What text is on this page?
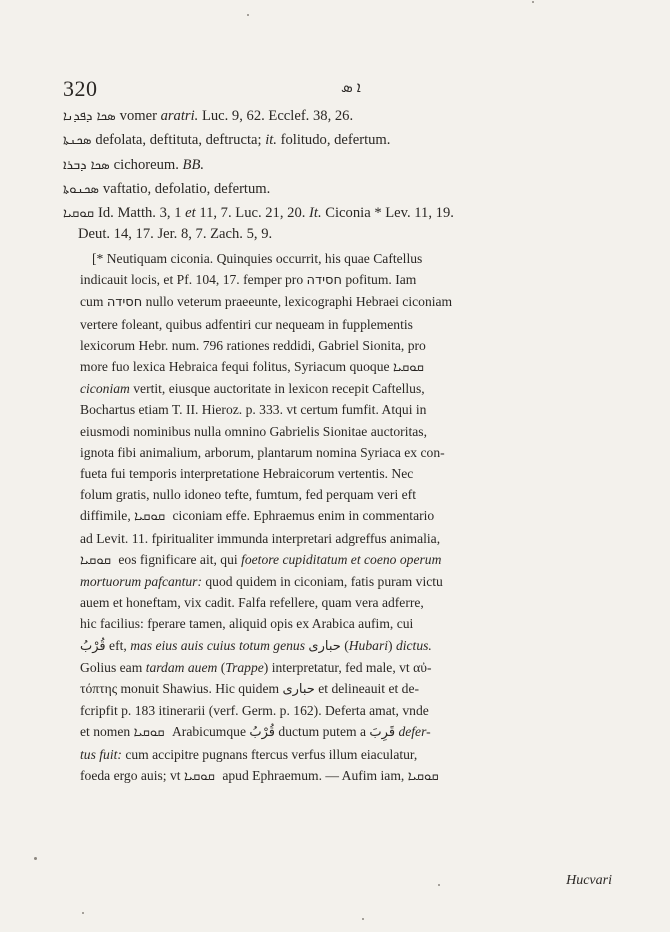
320	ܐ ܣ
ܣܟܐ ܕܦܕܢܐ vomer aratri. Luc. 9, 62. Ecclef. 38, 26.
ܣܟܢܬܐ defolata, deftituta, deftructa; it. folitudo, defertum.
ܣܟܐ ܕܒܪܐ cichoreum. BB.
ܣܟܢܘܬܐ vaftatio, defolatio, defertum.
ܩܘܩܝܐ Id. Matth. 3, 1 et 11, 7. Luc. 21, 20. It. Ciconia * Lev. 11, 19.
Deut. 14, 17. Jer. 8, 7. Zach. 5, 9.
[* Neutiquam ciconia. Quinquies occurrit, his quae Caftellus
indicauit locis, et Pf. 104, 17. femper pro חסידה pofitum. Iam
cum חסידה nullo veterum praeeunte, lexicographi Hebraei ciconiam
vertere foleant, quibus adfentiri cur nequeam in fupplementis
lexicorum Hebr. num. 796 rationes reddidi, Gabriel Sionita, pro
more fuo lexica Hebraica fequi folitus, Syriacum quoque ܩܘܩܝܐ
ciconiam vertit, eiusque auctoritate in lexicon recepit Caftellus,
Bochartus etiam T. II. Hieroz. p. 333. vt certum fumfit. Atqui in
eiusmodi nominibus nulla omnino Gabrielis Sionitae auctoritas,
ignota fibi animalium, arborum, plantarum nomina Syriaca ex con-
fueta fui temporis interpretatione Hebraicorum vertentis. Nec
folum gratis, nullo idoneo tefte, fumtum, fed perquam veri eft
diffimile, ܩܘܩܝܐ ciconiam effe. Ephraemus enim in commentario
ad Levit. 11. fpiritualiter immunda interpretari adgreffus animalia,
ܩܘܩܝܐ eos fignificare ait, qui foetore cupiditatum et coeno operum
mortuorum pafcantur: quod quidem in ciconiam, fatis puram victu
auem et honeftam, vix cadit. Falfa refellere, quam vera adferre,
hic facilius: fperare tamen, aliquid opis ex Arabica aufim, cui
قُرْبُ eft, mas eius auis cuius totum genus حبارى (Hubari) dictus.
Golius eam tardam auem (Trappe) interpretatur, fed male, vt αὐ-
τόπτης monuit Shawius. Hic quidem حبارى et delineauit et de-
fcripfit p. 183 itinerarii (verf. Germ. p. 162). Deferta amat, vnde
et nomen ܩܘܩܝܐ Arabicumque قُرْبُ ductum putem a قَرِبَ defer-
tus fuit: cum accipitre pugnans ftercus verfus illum eiaculatur,
foeda ergo auis; vt ܩܘܩܝܐ apud Ephraemum. — Aufim iam, ܩܘܩܝܐ
Hucvari
